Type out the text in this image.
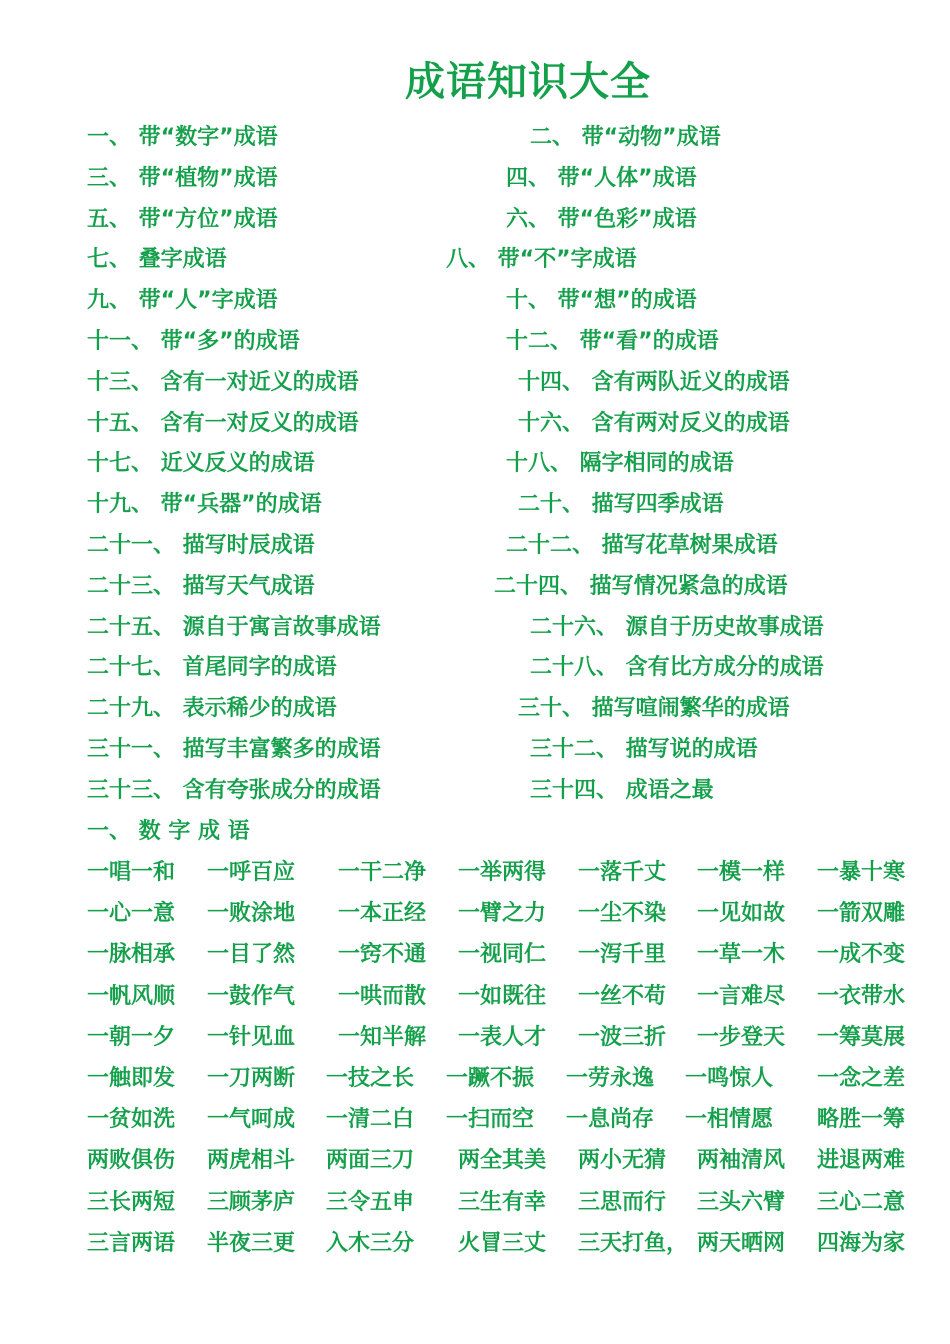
成语知识大全
一、 带“数字”成语	二、 带“动物”成语
三、 带“植物”成语	四、 带“人体”成语
五、 带“方位”成语	六、 带“色彩”成语
七、 叠字成语	八、 带“不”字成语
九、 带“人”字成语	十、 带“想”的成语
十一、 带“多”的成语	十二、 带“看”的成语
十三、 含有一对近义的成语	十四、 含有两队近义的成语
十五、 含有一对反义的成语	十六、 含有两对反义的成语
十七、 近义反义的成语	十八、 隔字相同的成语
十九、 带“兵器”的成语	二十、 描写四季成语
二十一、 描写时辰成语	二十二、 描写花草树果成语
二十三、 描写天气成语	二十四、 描写情况紧急的成语
二十五、 源自于寓言故事成语	二十六、 源自于历史故事成语
二十七、 首尾同字的成语	二十八、 含有比方成分的成语
二十九、 表示稀少的成语	三十、 描写喧闹繁华的成语
三十一、 描写丰富繁多的成语	三十二、 描写说的成语
三十三、 含有夸张成分的成语	三十四、 成语之最
一、 数 字 成 语
一唱一和 一呼百应 一干二净 一举两得 一落千丈 一模一样 一暴十寒
一心一意 一败涂地 一本正经 一臂之力 一尘不染 一见如故 一箭双雕
一脉相承 一目了然 一窍不通 一视同仁 一泻千里 一草一木 一成不变
一帆风顺 一鼓作气 一哄而散 一如既往 一丝不苟 一言难尽 一衣带水
一朝一夕 一针见血 一知半解 一表人才 一波三折 一步登天 一筹莫展
一触即发 一刀两断 一技之长 一蹶不振 一劳永逸 一鸣惊人 一念之差
一贫如洗 一气呵成 一清二白 一扫而空 一息尚存 一相情愿 略胜一筹
两败俱伤 两虎相斗 两面三刀 两全其美 两小无猜 两袖清风 进退两难
三长两短 三顾茅庐 三令五申 三生有幸 三思而行 三头六臂 三心二意
三言两语 半夜三更 入木三分 火冒三丈 三天打鱼， 两天晒网 四海为家
